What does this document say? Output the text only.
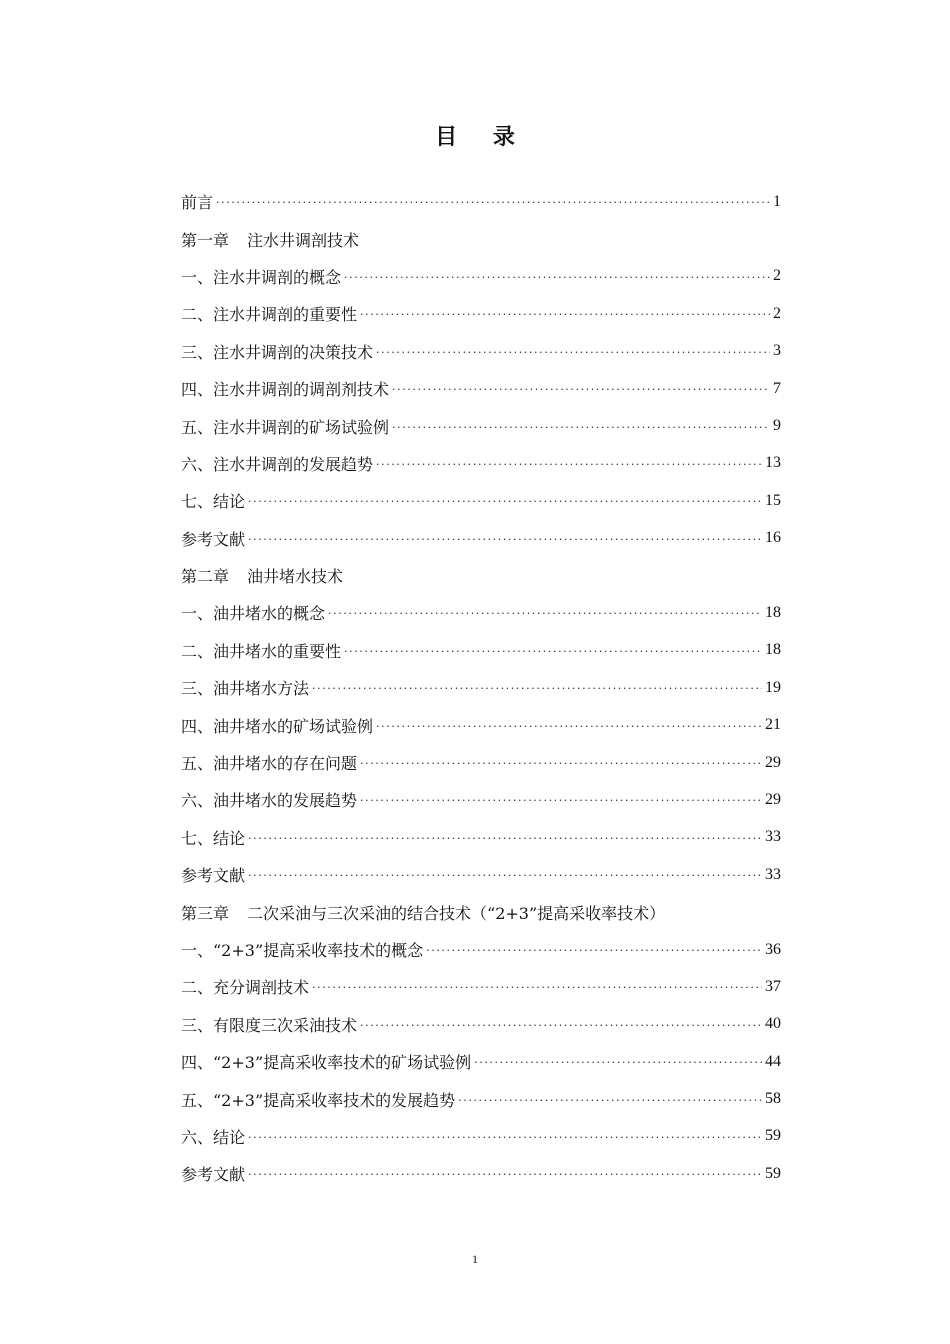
目 录
前言 ·····	1
第一章 注水井调剖技术
一、注水井调剖的概念 ·····	2
二、注水井调剖的重要性 ·····	2
三、注水井调剖的决策技术 ·····	3
四、注水井调剖的调剖剂技术 ·····	7
五、注水井调剖的矿场试验例 ·····	9
六、注水井调剖的发展趋势 ·····	13
七、结论 ·····	15
参考文献 ·····	16
第二章 油井堵水技术
一、油井堵水的概念 ·····	18
二、油井堵水的重要性 ·····	18
三、油井堵水方法 ·····	19
四、油井堵水的矿场试验例 ·····	21
五、油井堵水的存在问题 ·····	29
六、油井堵水的发展趋势 ·····	29
七、结论 ·····	33
参考文献 ·····	33
第三章 二次采油与三次采油的结合技术（“2+3”提高采收率技术）
一、“2+3”提高采收率技术的概念 ·····	36
二、充分调剖技术 ·····	37
三、有限度三次采油技术 ·····	40
四、“2+3”提高采收率技术的矿场试验例 ·····	44
五、“2+3”提高采收率技术的发展趋势 ·····	58
六、结论 ·····	59
参考文献 ·····	59
1
